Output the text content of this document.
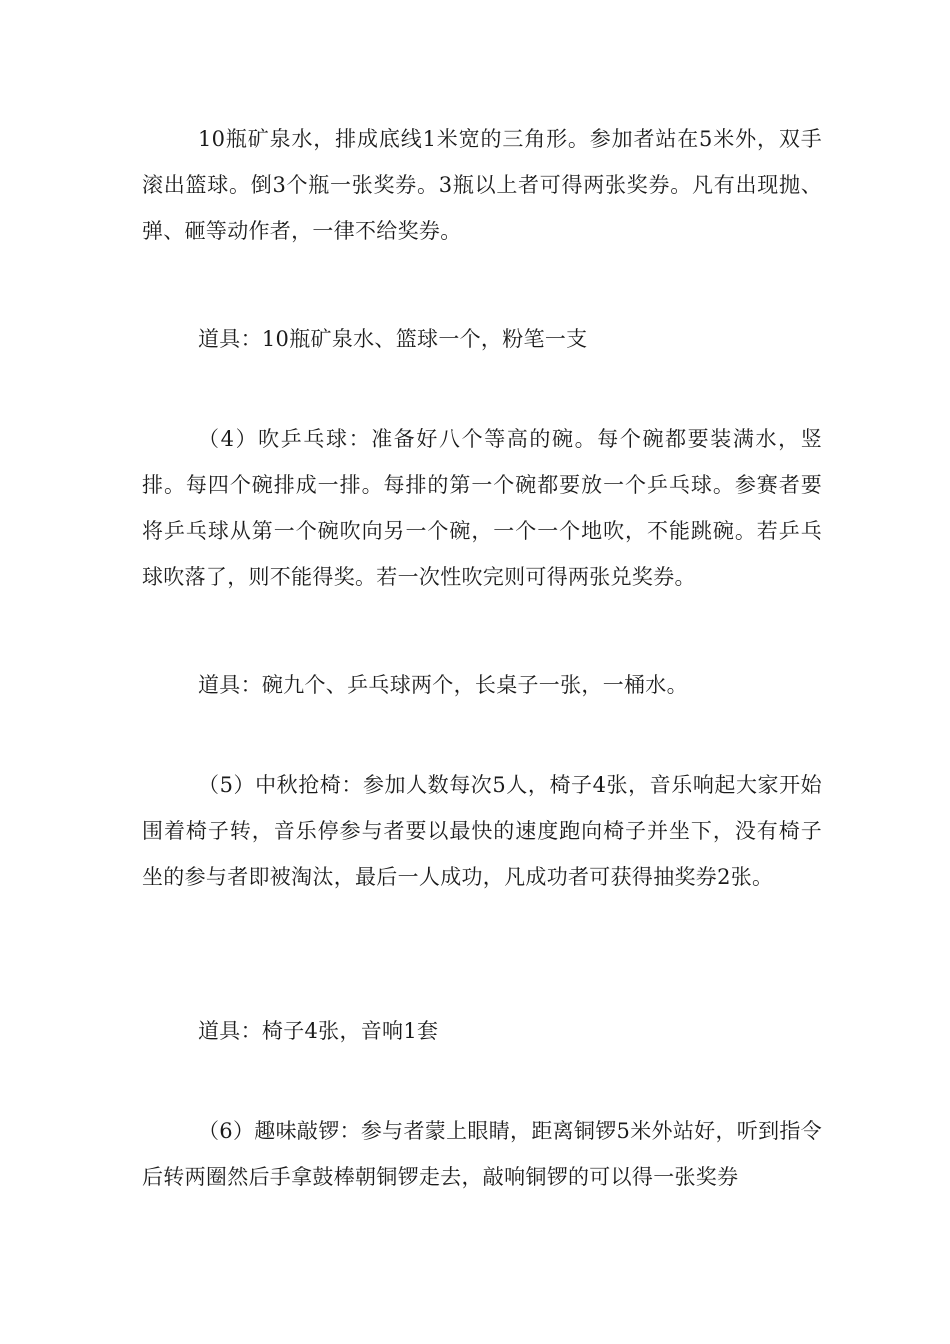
10瓶矿泉水，排成底线1米宽的三角形。参加者站在5米外，双手滚出篮球。倒3个瓶一张奖券。3瓶以上者可得两张奖券。凡有出现抛、弹、砸等动作者，一律不给奖券。

道具：10瓶矿泉水、篮球一个，粉笔一支

（4）吹乒乓球：准备好八个等高的碗。每个碗都要装满水，竖排。每四个碗排成一排。每排的第一个碗都要放一个乒乓球。参赛者要将乒乓球从第一个碗吹向另一个碗，一个一个地吹，不能跳碗。若乒乓球吹落了，则不能得奖。若一次性吹完则可得两张兑奖券。

道具：碗九个、乒乓球两个，长桌子一张，一桶水。

（5）中秋抢椅：参加人数每次5人，椅子4张，音乐响起大家开始围着椅子转，音乐停参与者要以最快的速度跑向椅子并坐下，没有椅子坐的参与者即被淘汰，最后一人成功，凡成功者可获得抽奖券2张。

道具：椅子4张，音响1套

（6）趣味敲锣：参与者蒙上眼睛，距离铜锣5米外站好，听到指令后转两圈然后手拿鼓棒朝铜锣走去，敲响铜锣的可以得一张奖券
